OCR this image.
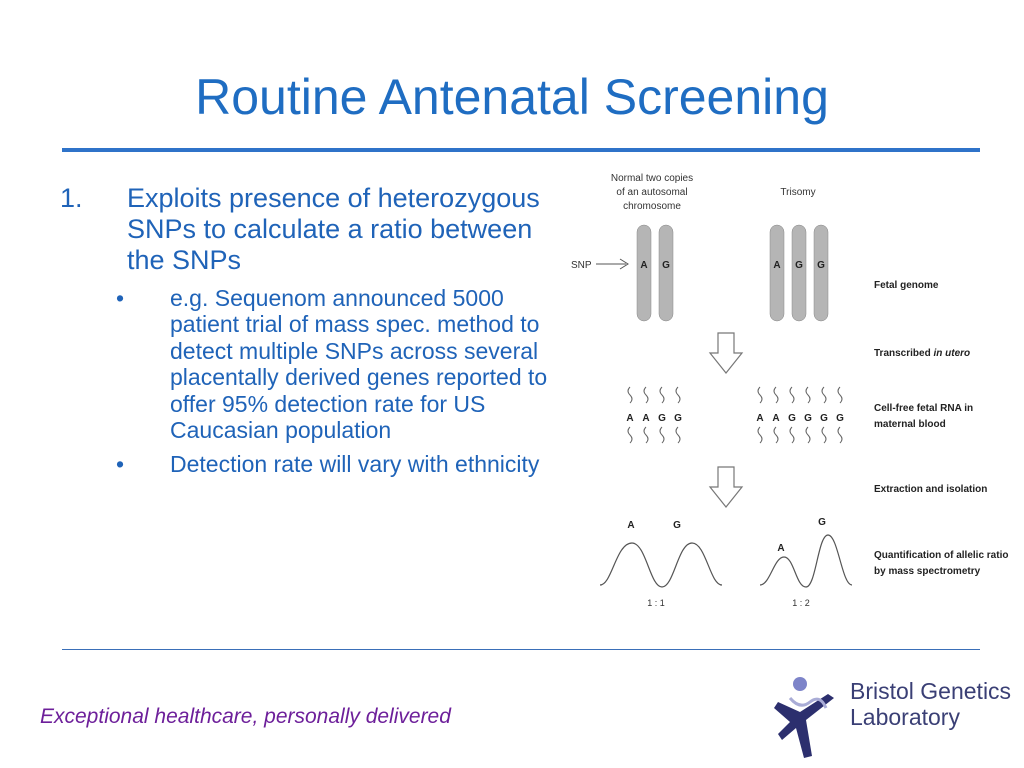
Routine Antenatal Screening
1. Exploits presence of heterozygous SNPs to calculate a ratio between the SNPs
• e.g. Sequenom announced 5000 patient trial of mass spec. method to detect multiple SNPs across several placentally derived genes reported to offer 95% detection rate for US Caucasian population
• Detection rate will vary with ethnicity
Normal two copies
of an autosomal
chromosome
Trisomy
SNP	A G	A G G
Fetal genome
Transcribed in utero
Cell-free fetal RNA in
maternal blood
Extraction and isolation
Quantification of allelic ratio
by mass spectrometry
A A G G	A A G G G G
A	G
1 : 1
A
G
1 : 2
Exceptional healthcare, personally delivered
Bristol Genetics
Laboratory
